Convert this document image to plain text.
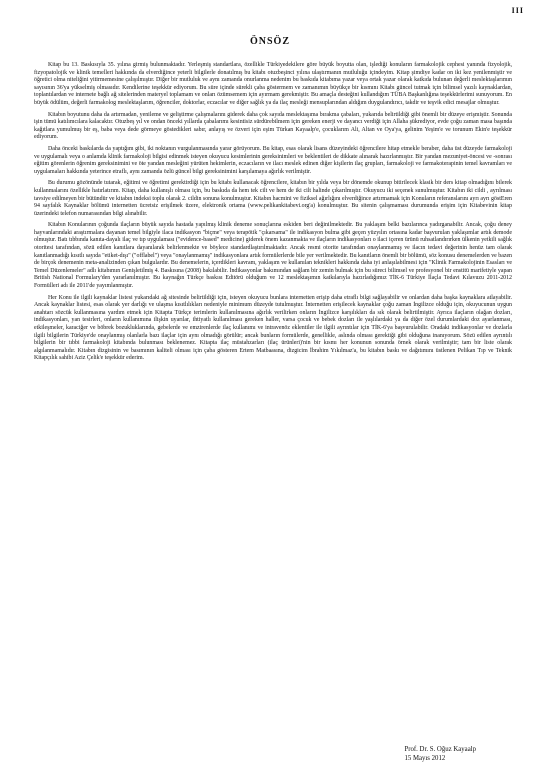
III
ÖNSÖZ

Kitap bu 13. Baskısıyla 35. yılına girmiş bulunmaktadır. Yerleşmiş standartlara, özellikle Türkiyedekilere göre büyük boyutta olan, işlediği konuların farmakolojik cephesi yanında fizyolojik, fizyopatolojik ve klinik temelleri hakkında da elverdiğince yeterli bilgilerle donatılmış bu kitabı otuzbeşinci yılına ulaştırmanın mutluluğu içindeyim. Kitap şimdiye kadar on iki kez yenilenmiştir ve öğretici olma niteliğini yitirmemesine çalışılmıştır. Diğer bir mutluluk ve aynı zamanda onurlanma nedenim bu baskıda kitabıma yazar veya ortak yazar olarak katkıda bulunan değerli meslektaşlarımın sayısının 36'ya yükselmiş olmasıdır. Kendilerine teşekkür ediyorum. Bu süre içinde sürekli çaba göstermem ve zamanımın büyükçe bir kısmını Kitabı güncel tutmak için bilimsel yazılı kaynaklardan, toplantılardan ve internete bağlı ağ sitelerinden materyel toplamam ve onları özümsemem için ayırmam gerekmiştir. Bu amaçla desteğini kullandığım TÜBA Başkanlığına teşekkürlerimi sunuyorum. En büyük ödülüm, değerli farmakolog meslektaşlarım, öğrenciler, doktorlar, eczacılar ve diğer sağlık ya da ilaç mesleği mensuplarından aldığım duygulandırıcı, takdir ve teşvik edici mesajlar olmuştur.

Kitabın boyutunu daha da artırmadan, yenileme ve geliştirme çalışmalarını giderek daha çok sayıda meslektaşıma bırakma çabaları, yukarıda belirtildiği gibi önemli bir düzeye erişmiştir. Sonunda işin tümü katılımcılara kalacaktır. Otuzbeş yıl ve ondan önceki yıllarda çabalarımı kesintisiz sürdürebilmem için gereken enerji ve dayancı verdiği için Allaha şükrediyor, evde çoğu zaman masa başında kağıtlara yumulmuş bir eş, baba veya dede görmeye göstedikleri sabır, anlayış ve özveri için eşim Türkan Kayaalp'e, çocuklarım Ali, Altan ve Oya'ya, gelinim Yeşim'e ve torunum Ekin'e teşekkür ediyorum.

Daha önceki baskılarda da yaptığım gibi, iki noktanın vurgulanmasında yarar görüyorum. Bu kitap, esas olarak lisans düzeyindeki öğrencilere hitap etmekle beraber, daha üst düzeyde farmakoloji ve uygulamalı veya o anlamda klinik farmakoloji bilgisi edinmek isteyen okuyucu kesimlerinin gereksinimleri ve beklentileri de dikkate alınarak hazırlanmıştır. Bir yandan mezuniyet-öncesi ve -sonrası eğitim görenlerin öğrenim gereksinimini ve öte yandan mesleğini yürüten hekimlerin, eczacıların ve ilacı meslek edinen diğer kişilerin ilaç grupları, farmakoloji ve farmakoterapinin temel kavramları ve uygulamaları hakkında yeterince etraflı, aynı zamanda özlü güncel bilgi gereksinimini karşılamaya ağırlık verilmiştir.

Bu durumu gözönünde tutarak, eğitimi ve öğretimi gerektirdiği için bu kitabı kullanacak öğrencilere, kitabın bir yılda veya bir dönemde okunup bitirilecek klasik bir ders kitap olmadığını bilerek kullanmalarını özellikle hatırlatırım. Kitap, daha kullanışlı olması için, bu baskıda da hem tek cilt ve hem de iki cilt halinde çıkarılmıştır. Okuyucu iki seçenek sunulmuştur. Kitabın iki cildi , ayrılması tavsiye edilmeyen bir bütündür ve kitabın indeksi toplu olarak 2. cildin sonuna konulmuştur. Kitabın hacmini ve fiziksel ağırlığını elverdiğince artırmamak için Konuların referanslarını ayrı ayrı göstEren 94 sayfalık Kaynaklar bölümü internetten ücretsiz erişilmek üzere, elektronik ortama (www.pelikankitabevi.org'a) konulmuştur. Bu sitenin çalışmaması durumunda erişim için Kitabevinin kitap üzerindeki telefon numarasından bilgi alınabilir.

Kitabın Konularının çoğunda ilaçların büyük sayıda hastada yapılmış klinik deneme sonuçlarına eskiden beri değinilmektedir. Bu yaklaşım belki bazılarınca yadırganabilir. Ancak, çoğu deney hayvanlarındaki araştırmalara dayanan temel bilgiyle ilaca indikasyon "biçme" veya terapötik "çıkarsama" ile indikasyon bulma gibi geçen yüzyılın ortasına kadar başvurulan yaklaşımlar artık demode olmuştur. Batı tıbbında kanıta-dayalı ilaç ve tıp uygulaması ("evidence-based" medicine) giderek önem kazanmakta ve ilaçların indikasyonları o ilaci içeren ürünü ruhsatlandırırken ülkenin yetkili sağlık otoritesi tarafından, sözü edilen kanıtlara dayanılarak belirlenmekte ve böylece standardlaştırılmaktadır. Ancak resmi otorite tarafından onaylanmamış ve ilacın tedavi değerinin henüz tam olarak kanıtlanmadığı kısıtlı sayıda "etiket-dışı" ("offlabel") veya "onaylanmamış" indikasyonlara artık formülerlerde bile yer verilmektedir. Bu kanıtların önemli bir bölümü, söz konusu denemelerden ve bazen de birçok denemenin meta-analizinden çıkan bulgulardır. Bu denemelerin, içerdikleri kavram, yaklaşım ve kullanılan teknikleri hakkında daha iyi anlaşılabilmesi için "Klinik Farmakolojinin Esasları ve Temel Düzenlemeler" adlı kitabımın Genişletilmiş 4. Baskısına (2008) bakılabilir. İndikasyonlar bakımından sağlam bir zemin bulmak için bu süreci bilimsel ve profesyonel bir enstitü marifetiyle yapan British National Formulary'den yararlanılmıştır. Bu kaynağın Türkçe baskısı Editörü olduğum ve 12 meslektaşımın katkılarıyla hazırladığımız TİK-6 Türkiye İlaçla Tedavi Kılavuzu 2011-2012 Formülleri adı ile 2011'de yayımlanmıştır.

Her Konu ile ilgili kaynaklar listesi yukarıdaki ağ sitesinde belirtildiği için, isteyen okuyucu bunlara internetten erişip daha etraflı bilgi sağlayabilir ve onlardan daha başka kaynaklara atlayabilir. Ancak kaynaklar listesi, esas olarak yer darlığı ve ulaşma kısıtlılıkları nedeniyle minimum düzeyde tutulmuştur. İnternetten erişilecek kaynaklar çoğu zaman İngilizce olduğu için, okuyucunun uygun anahtarı sözcük kullanmasına yardım etmek için Kitapta Türkçe terimlerin kullanılmasına ağırlık verilirken onların İngilizce karşılıkları da sık olarak belirtilmiştir. Ayrıca ilaçların olağan dozları, indikasyonları, yan tesirleri, onların kullanımına ilişkin uyarılar, ihtiyatlı kullanılması gereken haller, varsa çocuk ve bebek dozları ile yaşlılardaki ya da diğer özel durumlardaki doz ayarlanması, etkileşmeler, karaciğer ve böbrek bozukluklarında, gebelerde ve emzirenlerde ilaç kullanımı ve intravenöz eklentiler ile ilgili ayrıntılar için TİK-6'ya başvurulabilir. Oradaki indikasyonlar ve dozlarla ilgili bilgilerin Türkiye'de onaylanmış olanlarla bazı ilaçlar için aynı olmadığı görülür; ancak bunların formülerde, genellikle, aslında olması gerektiği gibi olduğuna inanıyorum. Sözü edilen ayrıntılı bilgilerin bir tıbbi farmakoloji kitabında bulunması beklenemez. Kitapta ilaç müstahzarları (ilaç ürünleri)'nin bir kısmı her konunun sonunda örnek olarak verilmiştir; tam bir liste olarak algılanmamalıdır. Kitabın dizgisinin ve basımının kaliteli olması için çaba gösteren Ertem Matbaasına, dizgicim İbrahim Yıkılmaz'a, bu kitabın baskı ve dağıtımını üstlenen Pelikan Tıp ve Teknik Kitapçılık sahibi Aziz Çelik'e teşekkür ederim.

Prof. Dr. S. Oğuz Kayaalp
15 Mayıs 2012
